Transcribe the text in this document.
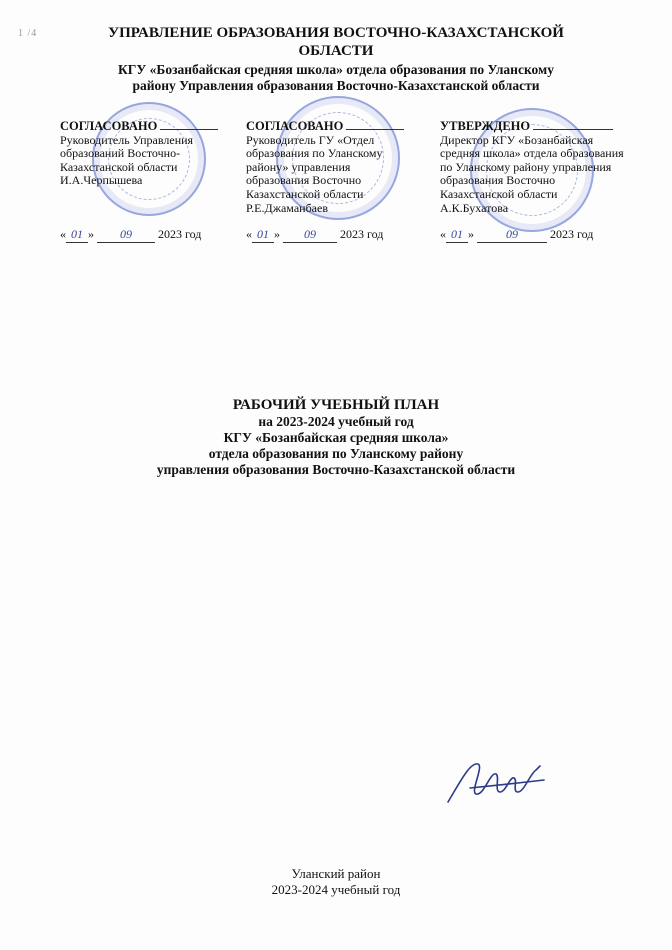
1 /4	УПРАВЛЕНИЕ ОБРАЗОВАНИЯ ВОСТОЧНО-КАЗАХСТАНСКОЙ
ОБЛАСТИ
КГУ «Бозанбайская средняя школа» отдела образования по Уланскому
району Управления образования Восточно-Казахстанской области
СОГЛАСОВАНО
Руководитель Управления
образований Восточно-
Казахстанской области
И.А.Черпышева
« 01 » 09 2023 год
СОГЛАСОВАНО
Руководитель ГУ «Отдел
образования по Уланскому
району» управления
образования Восточно
Казахстанской области
Р.Е.Джаманбаев
« 01 » 09 2023 год
УТВЕРЖДЕНО
Директор КГУ «Бозанбайская
средняя школа» отдела образования
по Уланскому району управления
образования Восточно
Казахстанской области
А.К.Бухатова
« 01 » 09	2023 год
РАБОЧИЙ УЧЕБНЫЙ ПЛАН
на 2023-2024 учебный год
КГУ «Бозанбайская средняя школа»
отдела образования по Уланскому району
управления образования Восточно-Казахстанской области
Уланский район
2023-2024 учебный год
